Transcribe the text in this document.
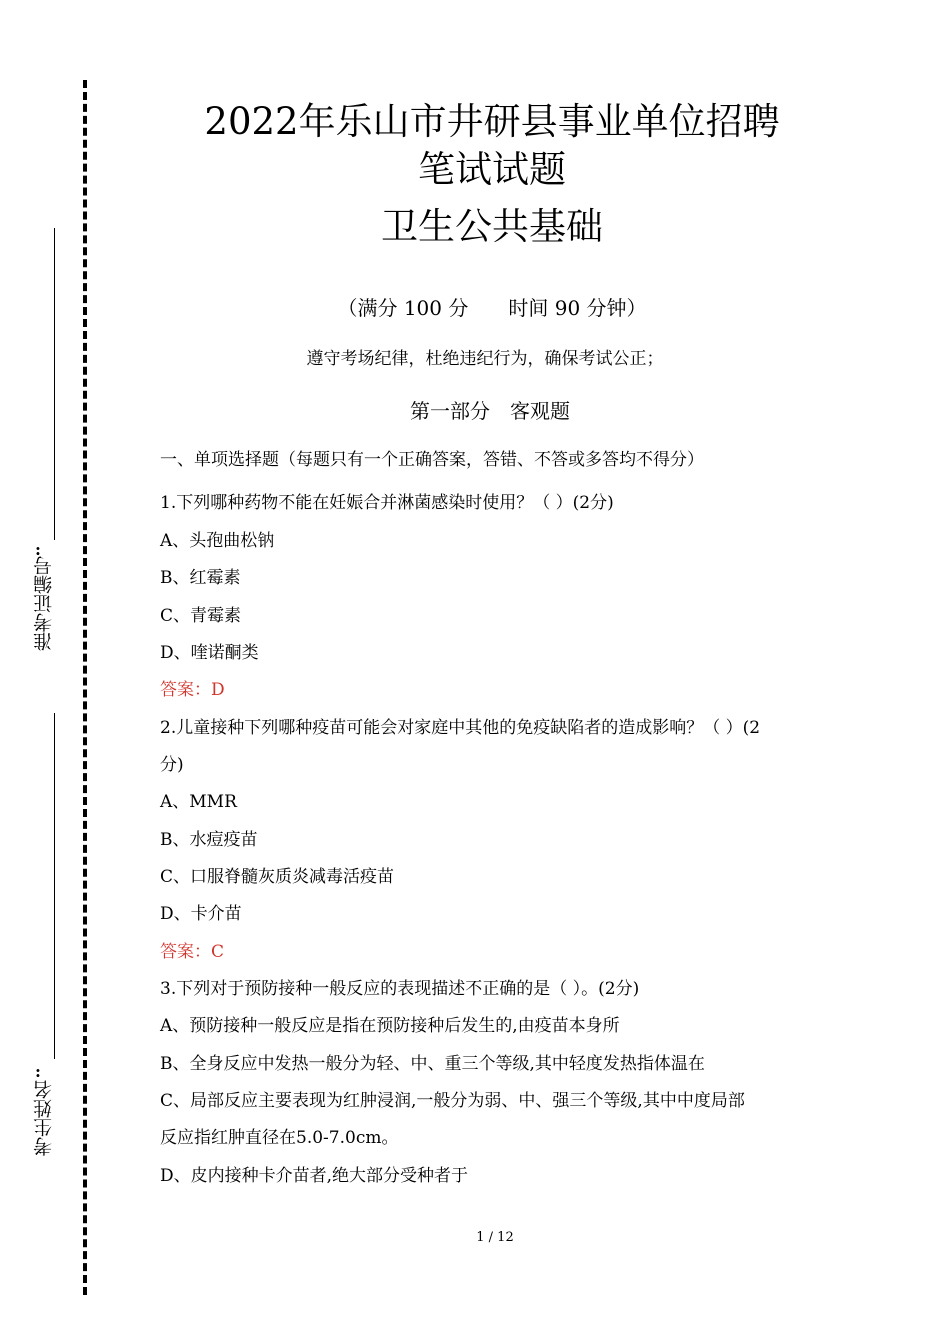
:
准考证编号
:
考生姓名
2022年乐山市井研县事业单位招聘
笔试试题
卫生公共基础
（满分 100 分　　时间 90 分钟）
遵守考场纪律，杜绝违纪行为，确保考试公正；
第一部分　客观题
一、单项选择题（每题只有一个正确答案，答错、不答或多答均不得分）
1.下列哪种药物不能在妊娠合并淋菌感染时使用？（ ）(2分)
A、头孢曲松钠
B、红霉素
C、青霉素
D、喹诺酮类
答案：D
2.儿童接种下列哪种疫苗可能会对家庭中其他的免疫缺陷者的造成影响？（ ）(2
分)
A、MMR
B、水痘疫苗
C、口服脊髓灰质炎减毒活疫苗
D、卡介苗
答案：C
3.下列对于预防接种一般反应的表现描述不正确的是（ ）。(2分)
A、预防接种一般反应是指在预防接种后发生的,由疫苗本身所
B、全身反应中发热一般分为轻、中、重三个等级,其中轻度发热指体温在
C、局部反应主要表现为红肿浸润,一般分为弱、中、强三个等级,其中中度局部
反应指红肿直径在5.0-7.0cm。
D、皮内接种卡介苗者,绝大部分受种者于
1 / 12
